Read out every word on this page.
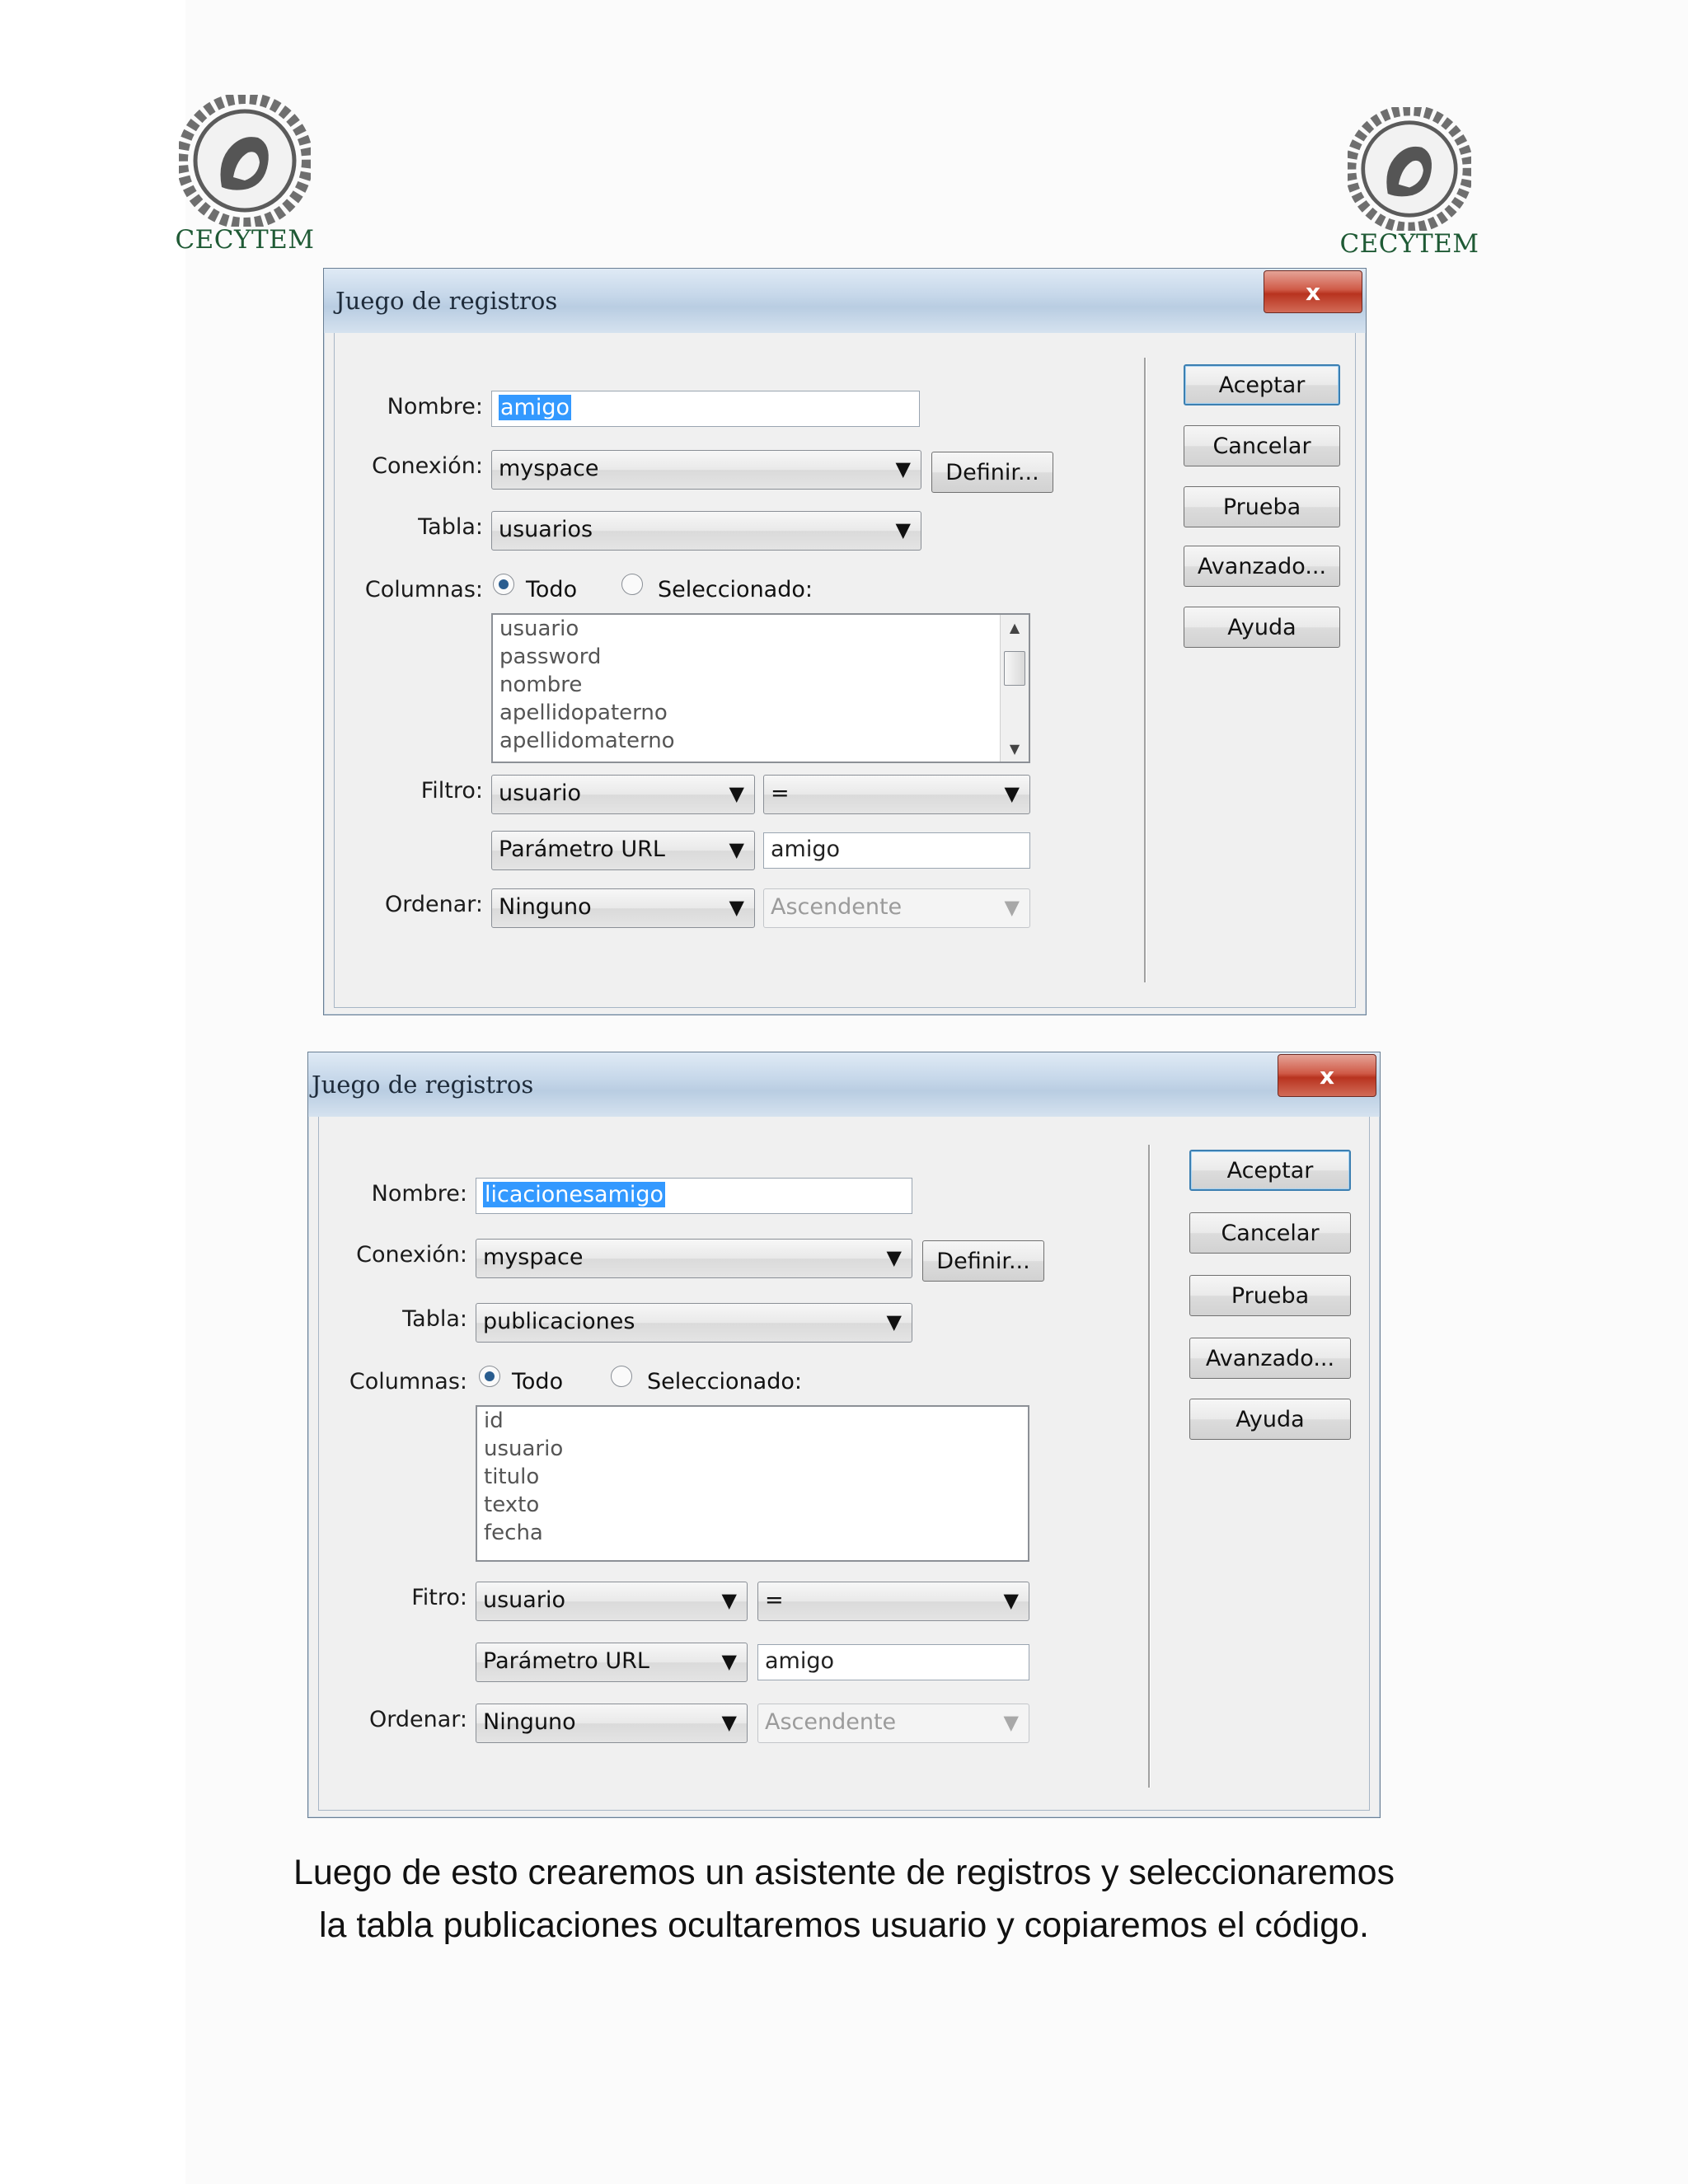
CECYTEM	CECYTEM
Juego de registros	x
Nombre: amigo
Conexión: myspace	▼	Definir...
Tabla: usuarios	▼
Columnas: Todo	Seleccionado:
usuario
password
nombre
apellidopaterno
apellidomaterno
▲
▼
Filtro: usuario	▼	=	▼
Parámetro URL	▼	amigo
Ordenar: Ninguno	▼	Ascendente	▼
Aceptar
Cancelar
Prueba
Avanzado...
Ayuda
Juego de registros	x
Nombre: licacionesamigo
Conexión: myspace	▼	Definir...
Tabla: publicaciones	▼
Columnas: Todo	Seleccionado:
id
usuario
titulo
texto
fecha
Fitro: usuario	▼	=	▼
Parámetro URL	▼	amigo
Ordenar: Ninguno	▼	Ascendente	▼
Aceptar
Cancelar
Prueba
Avanzado...
Ayuda
Luego de esto crearemos un asistente de registros y seleccionaremos
la tabla publicaciones ocultaremos usuario y copiaremos el código.
